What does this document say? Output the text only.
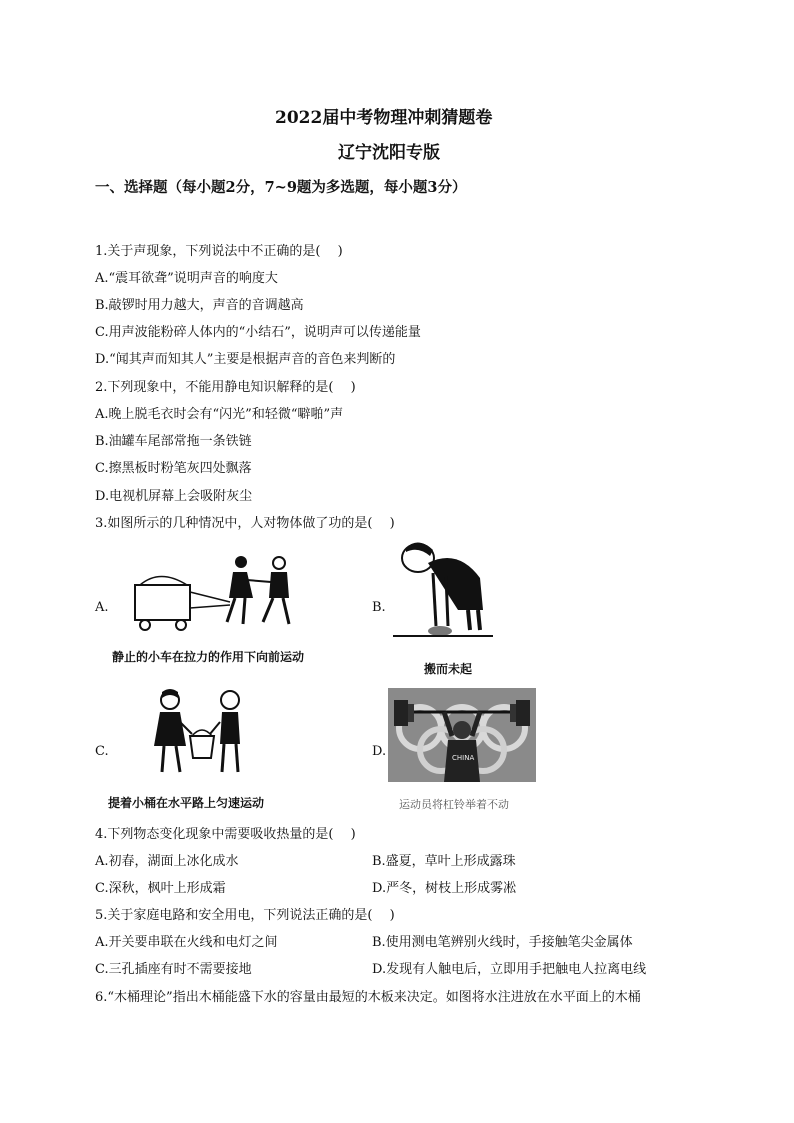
2022届中考物理冲刺猜题卷
辽宁沈阳专版
一、选择题（每小题2分，7~9题为多选题，每小题3分）
1.关于声现象，下列说法中不正确的是(　 )
A.“震耳欲聋”说明声音的响度大
B.敲锣时用力越大，声音的音调越高
C.用声波能粉碎人体内的“小结石”，说明声可以传递能量
D.“闻其声而知其人”主要是根据声音的音色来判断的
2.下列现象中，不能用静电知识解释的是(　 )
A.晚上脱毛衣时会有“闪光”和轻微“噼啪”声
B.油罐车尾部常拖一条铁链
C.擦黑板时粉笔灰四处飘落
D.电视机屏幕上会吸附灰尘
3.如图所示的几种情况中，人对物体做了功的是(　 )
A.
静止的小车在拉力的作用下向前运动
B.
搬而未起
C.
提着小桶在水平路上匀速运动
D.	CHINA
运动员将杠铃举着不动
4.下列物态变化现象中需要吸收热量的是(　 )
A.初春，湖面上冰化成水	B.盛夏，草叶上形成露珠
C.深秋，枫叶上形成霜	D.严冬，树枝上形成雾凇
5.关于家庭电路和安全用电，下列说法正确的是(　 )
A.开关要串联在火线和电灯之间	B.使用测电笔辨别火线时，手接触笔尖金属体
C.三孔插座有时不需要接地	D.发现有人触电后，立即用手把触电人拉离电线
6.“木桶理论”指出木桶能盛下水的容量由最短的木板来决定。如图将水注进放在水平面上的木桶
